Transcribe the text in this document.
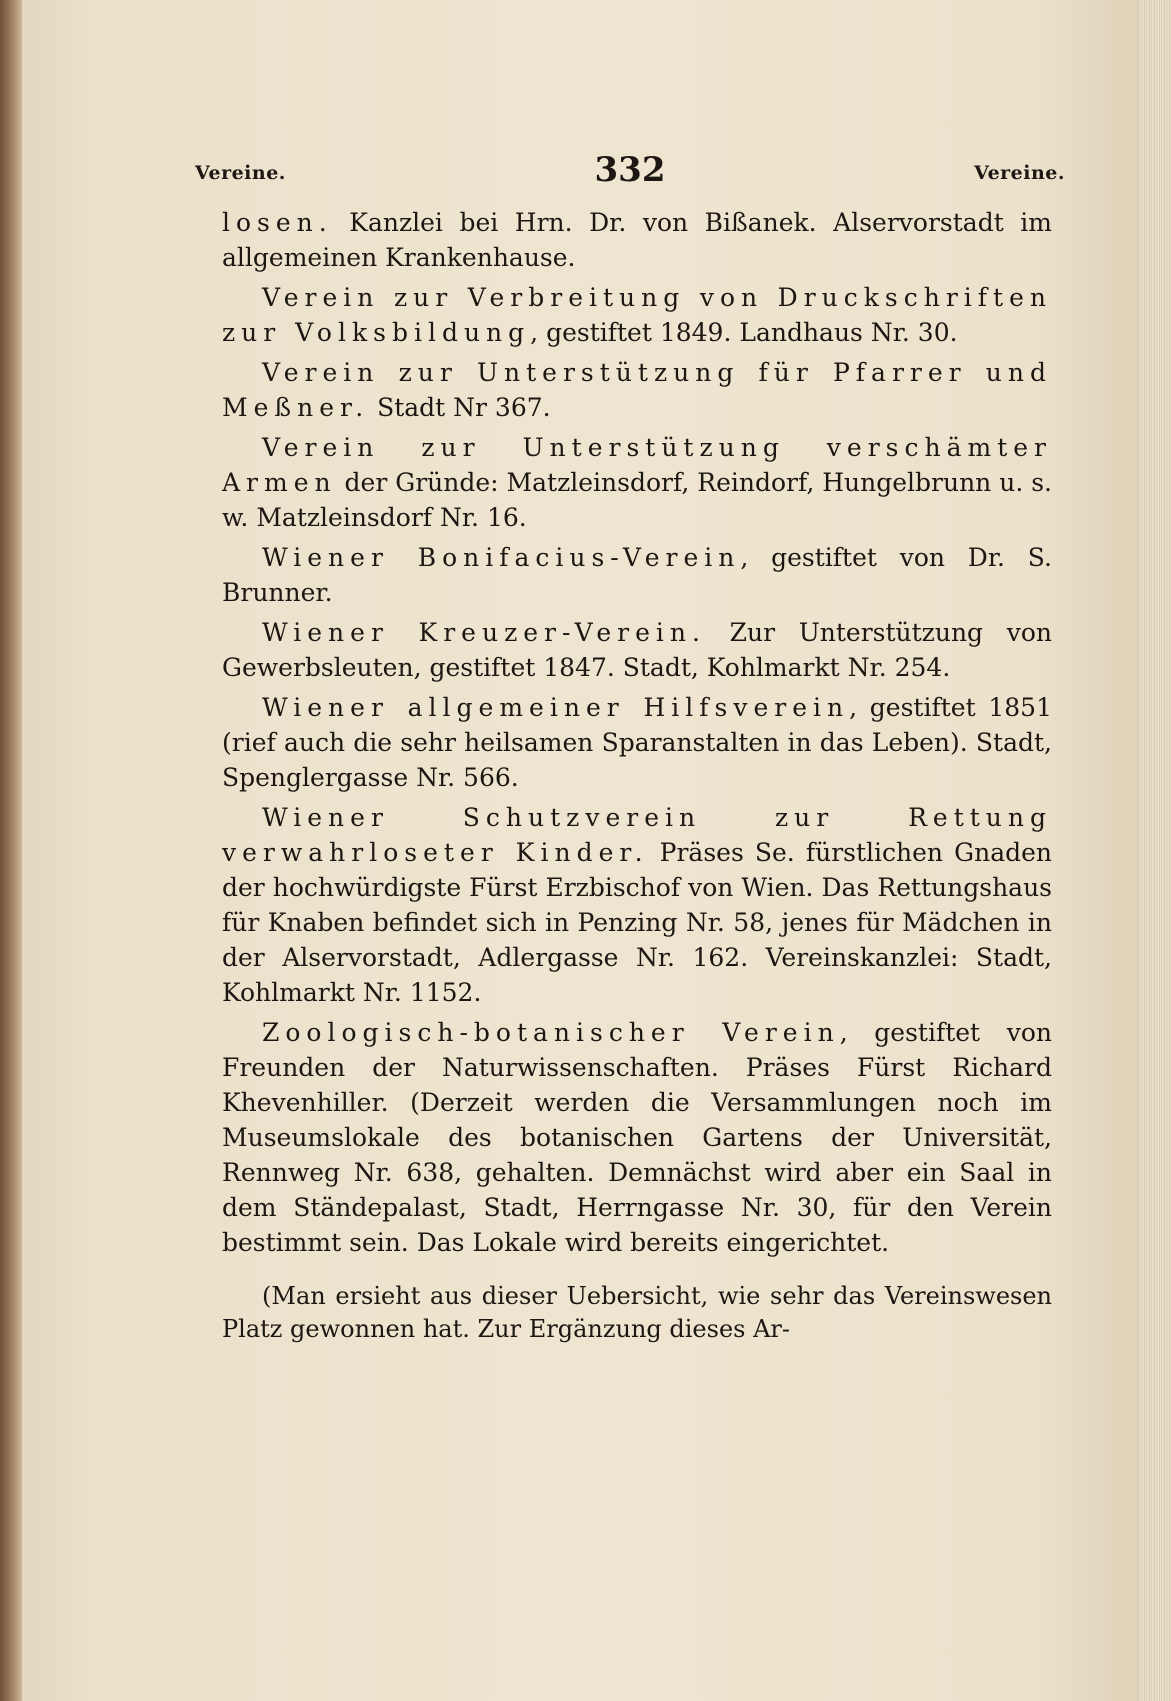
Vereine.	332	Vereine.

losen. Kanzlei bei Hrn. Dr. von Bißanek. Alservorstadt im allgemeinen Krankenhause.

Verein zur Verbreitung von Druckschriften zur Volksbildung, gestiftet 1849. Landhaus Nr. 30.

Verein zur Unterstützung für Pfarrer und Meßner. Stadt Nr 367.

Verein zur Unterstützung verschämter Armen der Gründe: Matzleinsdorf, Reindorf, Hungelbrunn u. s. w. Matzleinsdorf Nr. 16.

Wiener Bonifacius-Verein, gestiftet von Dr. S. Brunner.

Wiener Kreuzer-Verein. Zur Unterstützung von Gewerbsleuten, gestiftet 1847. Stadt, Kohlmarkt Nr. 254.

Wiener allgemeiner Hilfsverein, gestiftet 1851 (rief auch die sehr heilsamen Sparanstalten in das Leben). Stadt, Spenglergasse Nr. 566.

Wiener Schutzverein zur Rettung verwahrloseter Kinder. Präses Se. fürstlichen Gnaden der hochwürdigste Fürst Erzbischof von Wien. Das Rettungshaus für Knaben befindet sich in Penzing Nr. 58, jenes für Mädchen in der Alservorstadt, Adlergasse Nr. 162. Vereinskanzlei: Stadt, Kohlmarkt Nr. 1152.

Zoologisch-botanischer Verein, gestiftet von Freunden der Naturwissenschaften. Präses Fürst Richard Khevenhiller. (Derzeit werden die Versammlungen noch im Museumslokale des botanischen Gartens der Universität, Rennweg Nr. 638, gehalten. Demnächst wird aber ein Saal in dem Ständepalast, Stadt, Herrngasse Nr. 30, für den Verein bestimmt sein. Das Lokale wird bereits eingerichtet.

(Man ersieht aus dieser Uebersicht, wie sehr das Vereinswesen Platz gewonnen hat. Zur Ergänzung dieses Ar-
